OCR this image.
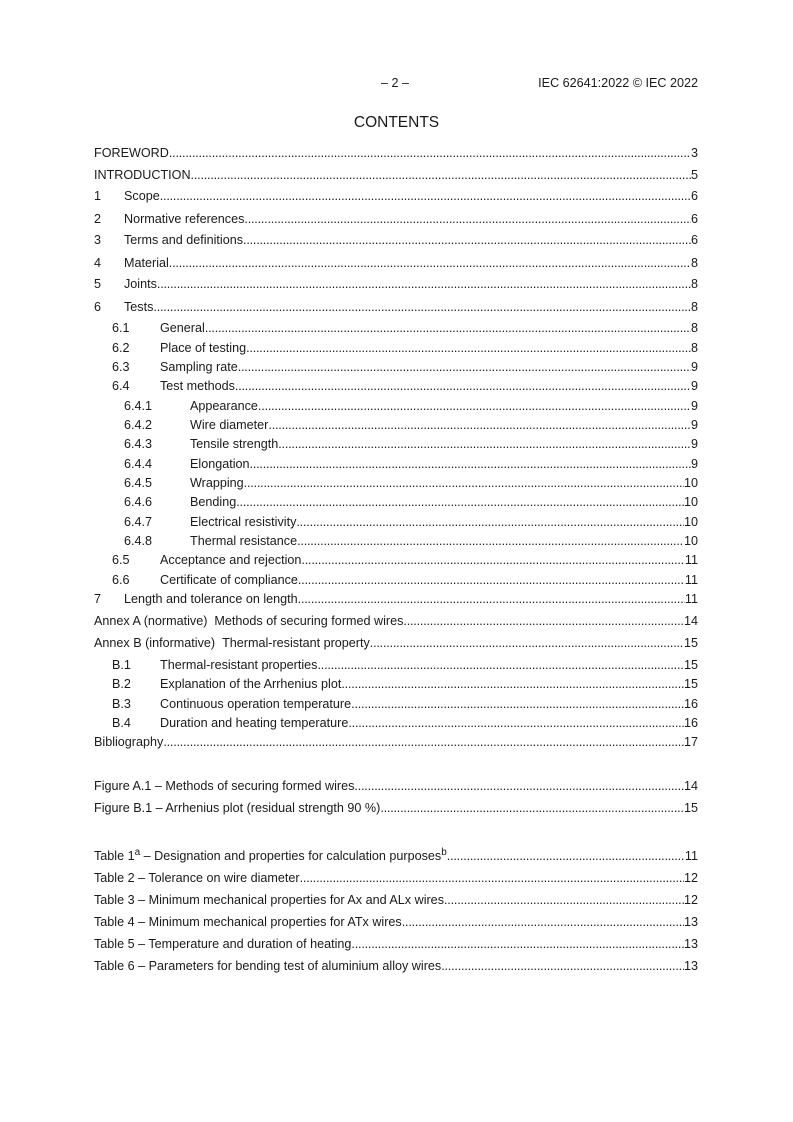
– 2 –	IEC 62641:2022 © IEC 2022
CONTENTS
FOREWORD . . .	3
INTRODUCTION . . .	5
1	Scope . . .	6
2	Normative references . . .	6
3	Terms and definitions . . .	6
4	Material . . .	8
5	Joints . . .	8
6	Tests . . .	8
6.1	General . . .	8
6.2	Place of testing . . .	8
6.3	Sampling rate . . .	9
6.4	Test methods . . .	9
6.4.1	Appearance . . .	9
6.4.2	Wire diameter . . .	9
6.4.3	Tensile strength . . .	9
6.4.4	Elongation . . .	9
6.4.5	Wrapping . . .	10
6.4.6	Bending . . .	10
6.4.7	Electrical resistivity . . .	10
6.4.8	Thermal resistance . . .	10
6.5	Acceptance and rejection . . .	11
6.6	Certificate of compliance . . .	11
7	Length and tolerance on length . . .	11
Annex A (normative) Methods of securing formed wires . . .	14
Annex B (informative) Thermal-resistant property . . .	15
B.1	Thermal-resistant properties . . .	15
B.2	Explanation of the Arrhenius plot . . .	15
B.3	Continuous operation temperature . . .	16
B.4	Duration and heating temperature . . .	16
Bibliography . . .	17
Figure A.1 – Methods of securing formed wires . . .	14
Figure B.1 – Arrhenius plot (residual strength 90 %) . . .	15
Table 1$^a$ – Designation and properties for calculation purposes$^b$ . . .	11
Table 2 – Tolerance on wire diameter . . .	12
Table 3 – Minimum mechanical properties for Ax and ALx wires . . .	12
Table 4 – Minimum mechanical properties for ATx wires . . .	13
Table 5 – Temperature and duration of heating . . .	13
Table 6 – Parameters for bending test of aluminium alloy wires . . .	13
